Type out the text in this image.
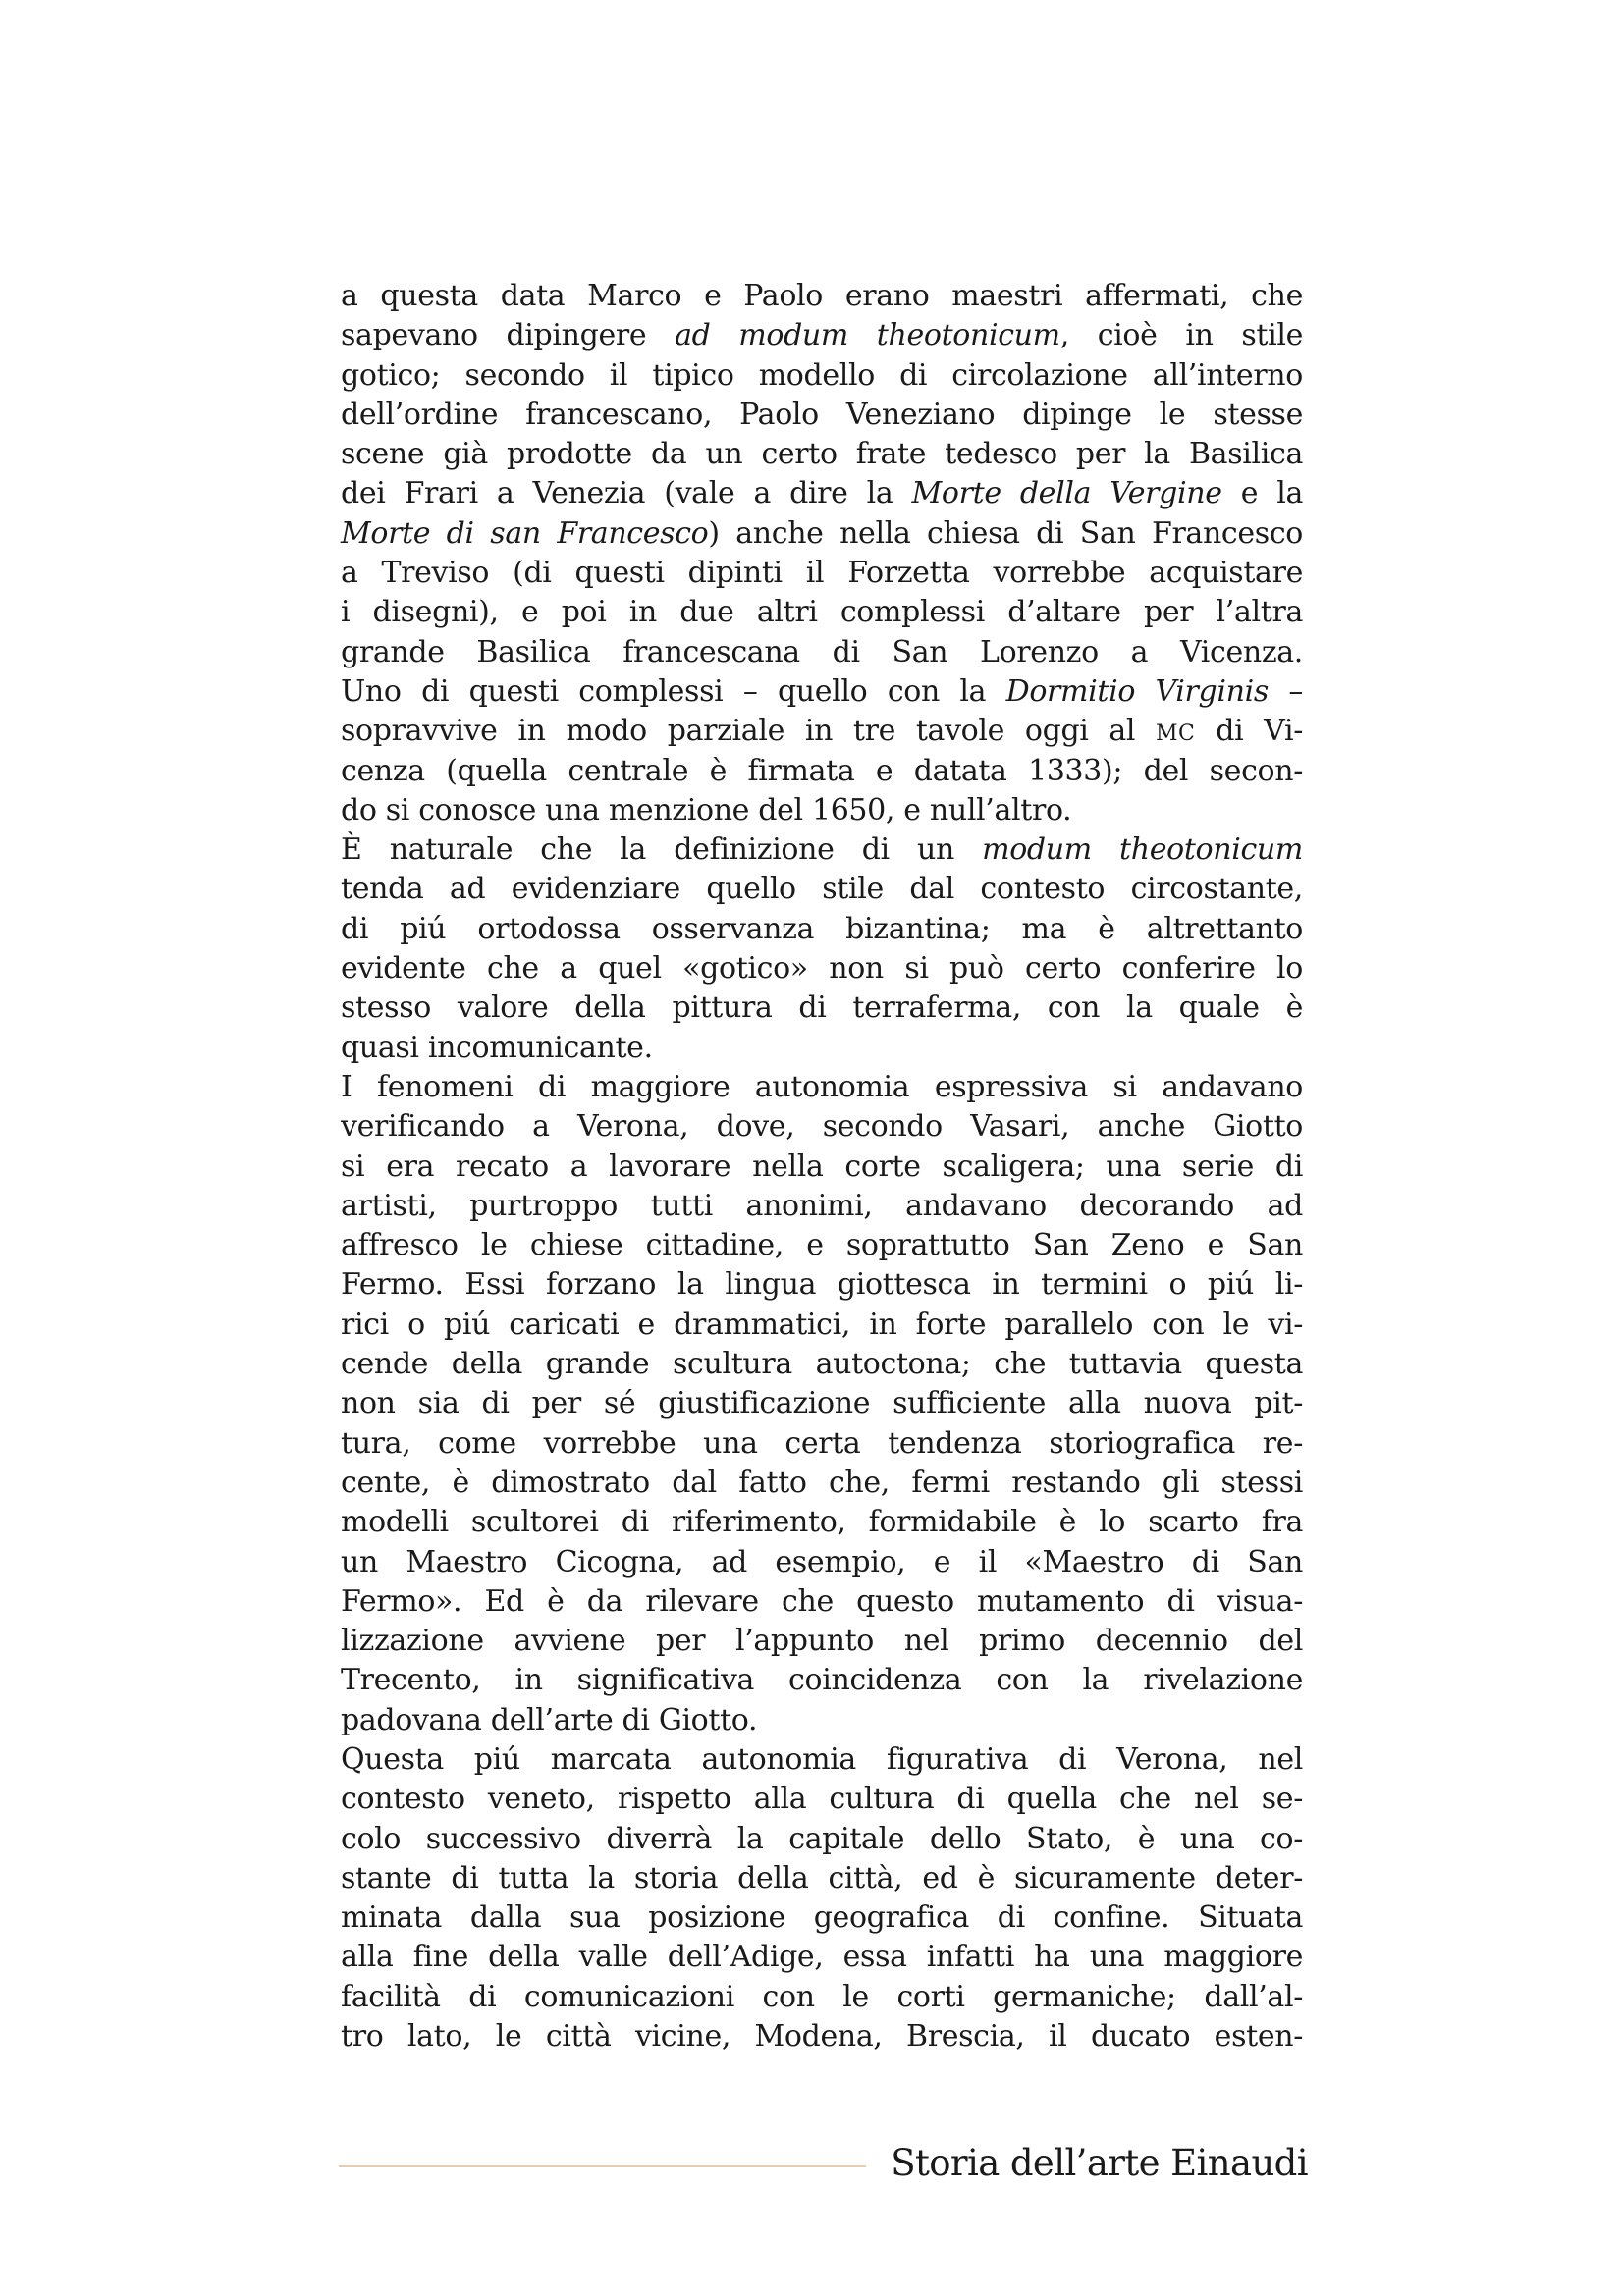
a questa data Marco e Paolo erano maestri affermati, che
sapevano dipingere ad modum theotonicum, cioè in stile
gotico; secondo il tipico modello di circolazione all’interno
dell’ordine francescano, Paolo Veneziano dipinge le stesse
scene già prodotte da un certo frate tedesco per la Basilica
dei Frari a Venezia (vale a dire la Morte della Vergine e la
Morte di san Francesco) anche nella chiesa di San Francesco
a Treviso (di questi dipinti il Forzetta vorrebbe acquistare
i disegni), e poi in due altri complessi d’altare per l’altra
grande Basilica francescana di San Lorenzo a Vicenza.
Uno di questi complessi – quello con la Dormitio Virginis –
sopravvive in modo parziale in tre tavole oggi al MC di Vi-
cenza (quella centrale è firmata e datata 1333); del secon-
do si conosce una menzione del 1650, e null’altro.
È naturale che la definizione di un modum theotonicum
tenda ad evidenziare quello stile dal contesto circostante,
di piú ortodossa osservanza bizantina; ma è altrettanto
evidente che a quel «gotico» non si può certo conferire lo
stesso valore della pittura di terraferma, con la quale è
quasi incomunicante.
I fenomeni di maggiore autonomia espressiva si andavano
verificando a Verona, dove, secondo Vasari, anche Giotto
si era recato a lavorare nella corte scaligera; una serie di
artisti, purtroppo tutti anonimi, andavano decorando ad
affresco le chiese cittadine, e soprattutto San Zeno e San
Fermo. Essi forzano la lingua giottesca in termini o piú li-
rici o piú caricati e drammatici, in forte parallelo con le vi-
cende della grande scultura autoctona; che tuttavia questa
non sia di per sé giustificazione sufficiente alla nuova pit-
tura, come vorrebbe una certa tendenza storiografica re-
cente, è dimostrato dal fatto che, fermi restando gli stessi
modelli scultorei di riferimento, formidabile è lo scarto fra
un Maestro Cicogna, ad esempio, e il «Maestro di San
Fermo». Ed è da rilevare che questo mutamento di visua-
lizzazione avviene per l’appunto nel primo decennio del
Trecento, in significativa coincidenza con la rivelazione
padovana dell’arte di Giotto.
Questa piú marcata autonomia figurativa di Verona, nel
contesto veneto, rispetto alla cultura di quella che nel se-
colo successivo diverrà la capitale dello Stato, è una co-
stante di tutta la storia della città, ed è sicuramente deter-
minata dalla sua posizione geografica di confine. Situata
alla fine della valle dell’Adige, essa infatti ha una maggiore
facilità di comunicazioni con le corti germaniche; dall’al-
tro lato, le città vicine, Modena, Brescia, il ducato esten-
Storia dell’arte Einaudi
